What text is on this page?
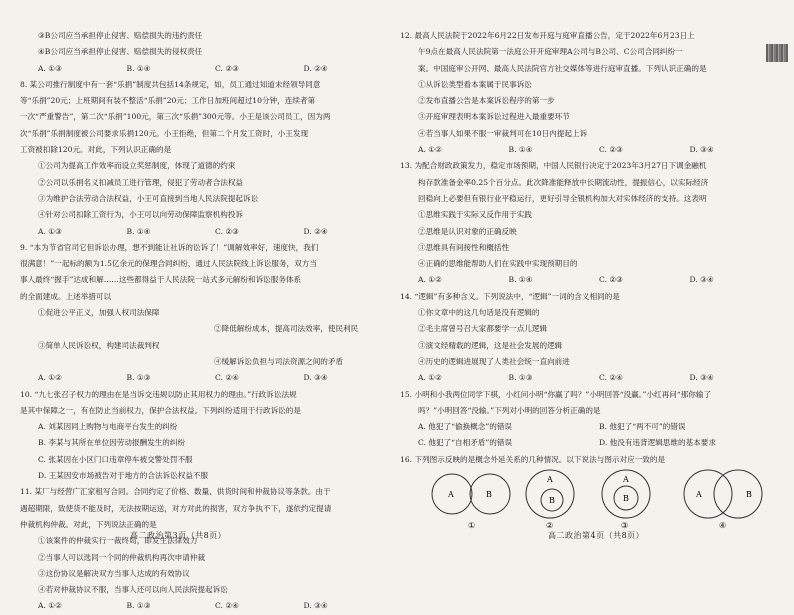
③B公司应当承担停止侵害、赔偿损失的违约责任
④B公司应当承担停止侵害、赔偿损失的侵权责任
A. ①③	B. ①④	C. ②③	D. ②④
8. 某公司推行制度中有一套“乐捐”制度共包括14条规定，如，员工通过知道未经领导同意
等“乐捐”20元；上班期间有装不整活“乐捐”20元；工作日加班间超过10分钟，连续者第
一次“严重警告”，第二次“乐捐”100元，第三次“乐捐”300元等。小王是该公司员工，因为两
次“乐捐”乐捐制度被公司要求乐捐120元。小王拒绝，但第二个月发工资时，小王发现
工资被扣除120元。对此，下列认识正确的是
①公司为提高工作效率而设立奖惩制度，体现了道德的约束
②公司以乐捐名义扣减员工进行管理，侵犯了劳动者合法权益
③为维护合法劳动合法权益，小王可直接到当地人民法院提起诉讼
④针对公司扣除工资行为，小王可以向劳动保障监察机构投诉
A. ①③	B. ①④	C. ②③	D. ②④
9. “本为节省官司它但诉讼办理，想不到能让社诉的讼诉了！”调解效率好，速度快，我们
很满意！”一起标的额为1.5亿余元的保理合同纠纷，通过人民法院线上诉讼服务，双方当
事人最终“握手”达成和解……这些都得益于人民法院一站式多元解纷和诉讼服务体系
的全面建成。上述举措可以
①促进公平正义，加强人权司法保障
②降低解纷成本，提高司法效率，使民利民
③简单人民诉讼权，构建司法裁判权
④缓解诉讼负担与司法资源之间的矛盾
A. ①②	B. ①③	C. ②④	D. ③④
10. “九七张召子权力的理由在是当诉交违规以防止其用权力的理由。”行政诉讼法规
是其中保障之一，有在防止当前权力，保护合法权益。下列纠纷适用于行政诉讼的是
A. 刘某因同上购物与电商平台发生的纠纷
B. 李某与其所在单位因劳动报酬发生的纠纷
C. 张某因在小区门口违章停车被交警处罚不服
D. 王某因安市场被告对于地方的合法诉讼权益不服
11. 某厂与经营广汇家租写合同。合同约定了价格、数量、供货时间和仲裁协议等条款。由于
遇超期限，致使货不能及时，无法按期运送，对方对此的损害，双方争执不下，遂依约定提请
仲裁机构仲裁。对此，下列说法正确的是
①该案件的仲裁实行一裁终局，即发生法律效力
②当事人可以选同一个同的仲裁机构再次申请仲裁
③这份协议是解决双方当事人达成的有效协议
④若对仲裁协议不服，当事人还可以向人民法院提起诉讼
A. ①②	B. ①③	C. ②④	D. ③④
高二政治第3页（共8页）
12. 最高人民法院于2022年6月22日发布开庭与庭审直播公告，定于2022年6月23日上
午9点在最高人民法院第一法庭公开开庭审理A公司与B公司、C公司合同纠纷一
案。中国庭审公开网、最高人民法院官方社交媒体等进行庭审直播。下列认识正确的是
①从诉讼类型看本案属于民事诉讼
②发布直播公告是本案诉讼程序的第一步
③开庭审理表明本案诉讼过程进入最重要环节
④若当事人如果不服一审裁判可在10日内提起上诉
A. ①②	B. ①④	C. ②③	D. ③④
13. 为配合财政政策发力，稳定市场预期，中国人民银行决定于2023年3月27日下调金融机
构存款准备金率0.25个百分点。此次降准能释放中长期流动性，提振信心，以实际经济
回稳向上必要但有银行业平稳运行，更好引导全银机构加大对实体经济的支持。这表明
①思维实践于实际又反作用于实践
②思维是认识对象的正确反映
③思维具有间接性和概括性
④正确的思维能帮助人们在实践中实现预期目的
A. ①②	B. ①④	C. ②③	D. ③④
14. “逻辑”有多种含义。下列说法中，“逻辑”一词的含义相同的是
①你文章中的这几句话是没有逻辑的
②毛主席曾号召大家都要学一点儿逻辑
③演文经精载的逻辑，这是社会发展的逻辑
④历史的逻辑进展现了人类社会统一直向前进
A. ①②	B. ①③	C. ②④	D. ③④
15. 小明和小我两位同学下棋，小红问小明“你赢了吗？”小明回答“没赢。”小红再问“那你输了
吗？”小明回答“没输。”下列对小明的回答分析正确的是
A. 他犯了“偷换概念”的错误	B. 他犯了“两不可”的错误
C. 他犯了“自相矛盾”的错误	D. 他没有违背逻辑思维的基本要求
16. 下列图示反映的是概念外延关系的几种情况。以下说法与图示对应一致的是
高二政治第4页（共8页）
A	B
①
A
B
②
A
B
③
A	B
④
